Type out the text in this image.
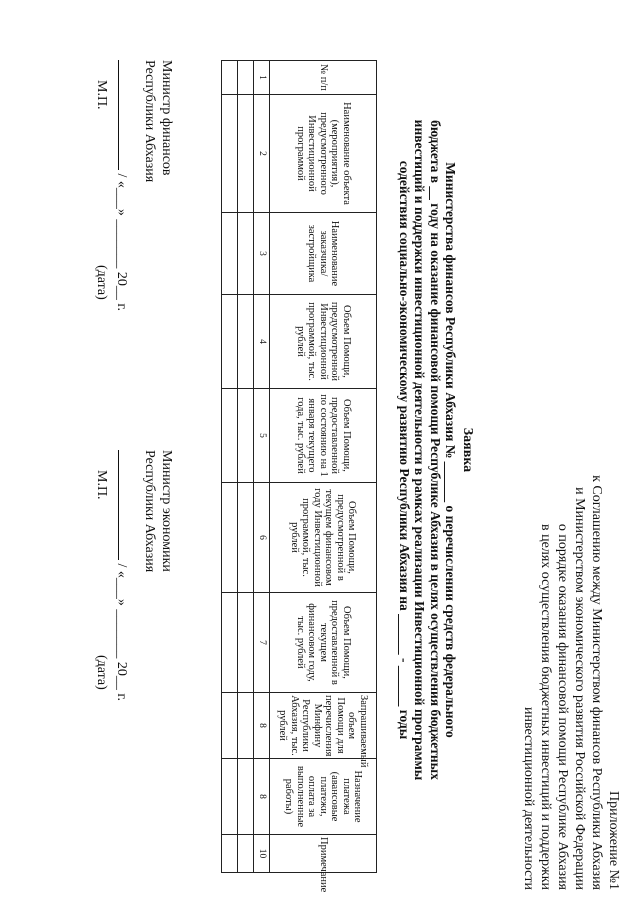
Приложение №1
к Соглашению между Министерством финансов Республики Абхазия
и Министерством экономического развития Российской Федерации
о порядке оказания финансовой помощи Республике Абхазия
в целях осуществления бюджетных инвестиций и поддержки
инвестиционной деятельности
Заявка
Министерства финансов Республики Абхазия № ______ о перечислении средств федерального
бюджета в __ году на оказание финансовой помощи Республике Абхазия в целях осуществления бюджетных
инвестиций и поддержки инвестиционной деятельности в рамках реализации Инвестиционной программы
содействия социально-экономическому развитию Республики Абхазия на ______ - ______ годы
№ п/п	Наименование объекта (мероприятия), предусмотренного Инвестиционной программой	Наименование заказчика/ застройщика	Объем Помощи, предусмотренной Инвестиционной программой, тыс. рублей	Объем Помощи, предоставленной по состоянию на 1 января текущего года, тыс. рублей	Объем Помощи, предусмотренной в текущем финансовом году Инвестиционной программой, тыс. рублей	Объем Помощи, предоставленной в текущем финансовом году, тыс. рублей	Запрашиваемый объем Помощи для перечисления Минфину Республики Абхазия, тыс. рублей	Назначение платежа (авансовые платежи, оплата за выполненные работы)	Примечание
1	2	3	4	5	6	7	8	8	10

Министр финансов
Республики Абхазия
/ «___» _______ 20__ г.
М.П.
(дата)
Министр экономики
Республики Абхазия
/ «___» _______ 20__ г.
М.П.
(дата)
